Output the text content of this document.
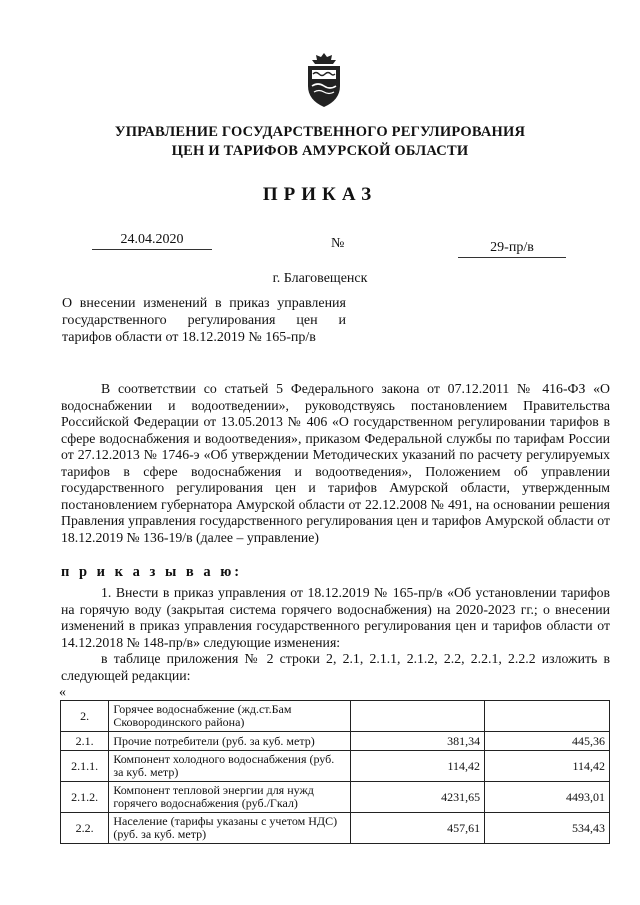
УПРАВЛЕНИЕ ГОСУДАРСТВЕННОГО РЕГУЛИРОВАНИЯ
ЦЕН И ТАРИФОВ АМУРСКОЙ ОБЛАСТИ
ПРИКАЗ
24.04.2020	№	29-пр/в
г. Благовещенск
О внесении изменений в приказ управления государственного регулирования цен и тарифов области от 18.12.2019 № 165-пр/в
В соответствии со статьей 5 Федерального закона от 07.12.2011 № 416-ФЗ «О водоснабжении и водоотведении», руководствуясь постановлением Правительства Российской Федерации от 13.05.2013 № 406 «О государственном регулировании тарифов в сфере водоснабжения и водоотведения», приказом Федеральной службы по тарифам России от 27.12.2013 № 1746-э «Об утверждении Методических указаний по расчету регулируемых тарифов в сфере водоснабжения и водоотведения», Положением об управлении государственного регулирования цен и тарифов Амурской области, утвержденным постановлением губернатора Амурской области от 22.12.2008 № 491, на основании решения Правления управления государственного регулирования цен и тарифов Амурской области от 18.12.2019 № 136-19/в (далее – управление)
п р и к а з ы в а ю:
1. Внести в приказ управления от 18.12.2019 № 165-пр/в «Об установлении тарифов на горячую воду (закрытая система горячего водоснабжения) на 2020-2023 гг.; о внесении изменений в приказ управления государственного регулирования цен и тарифов области от 14.12.2018 № 148-пр/в» следующие изменения:
в таблице приложения № 2 строки 2, 2.1, 2.1.1, 2.1.2, 2.2, 2.2.1, 2.2.2 изложить в следующей редакции:
«
2.	Горячее водоснабжение (жд.ст.Бам Сковородинского района)		
2.1.	Прочие потребители (руб. за куб. метр)	381,34	445,36
2.1.1.	Компонент холодного водоснабжения (руб. за куб. метр)	114,42	114,42
2.1.2.	Компонент тепловой энергии для нужд горячего водоснабжения (руб./Гкал)	4231,65	4493,01
2.2.	Население (тарифы указаны с учетом НДС) (руб. за куб. метр)	457,61	534,43
